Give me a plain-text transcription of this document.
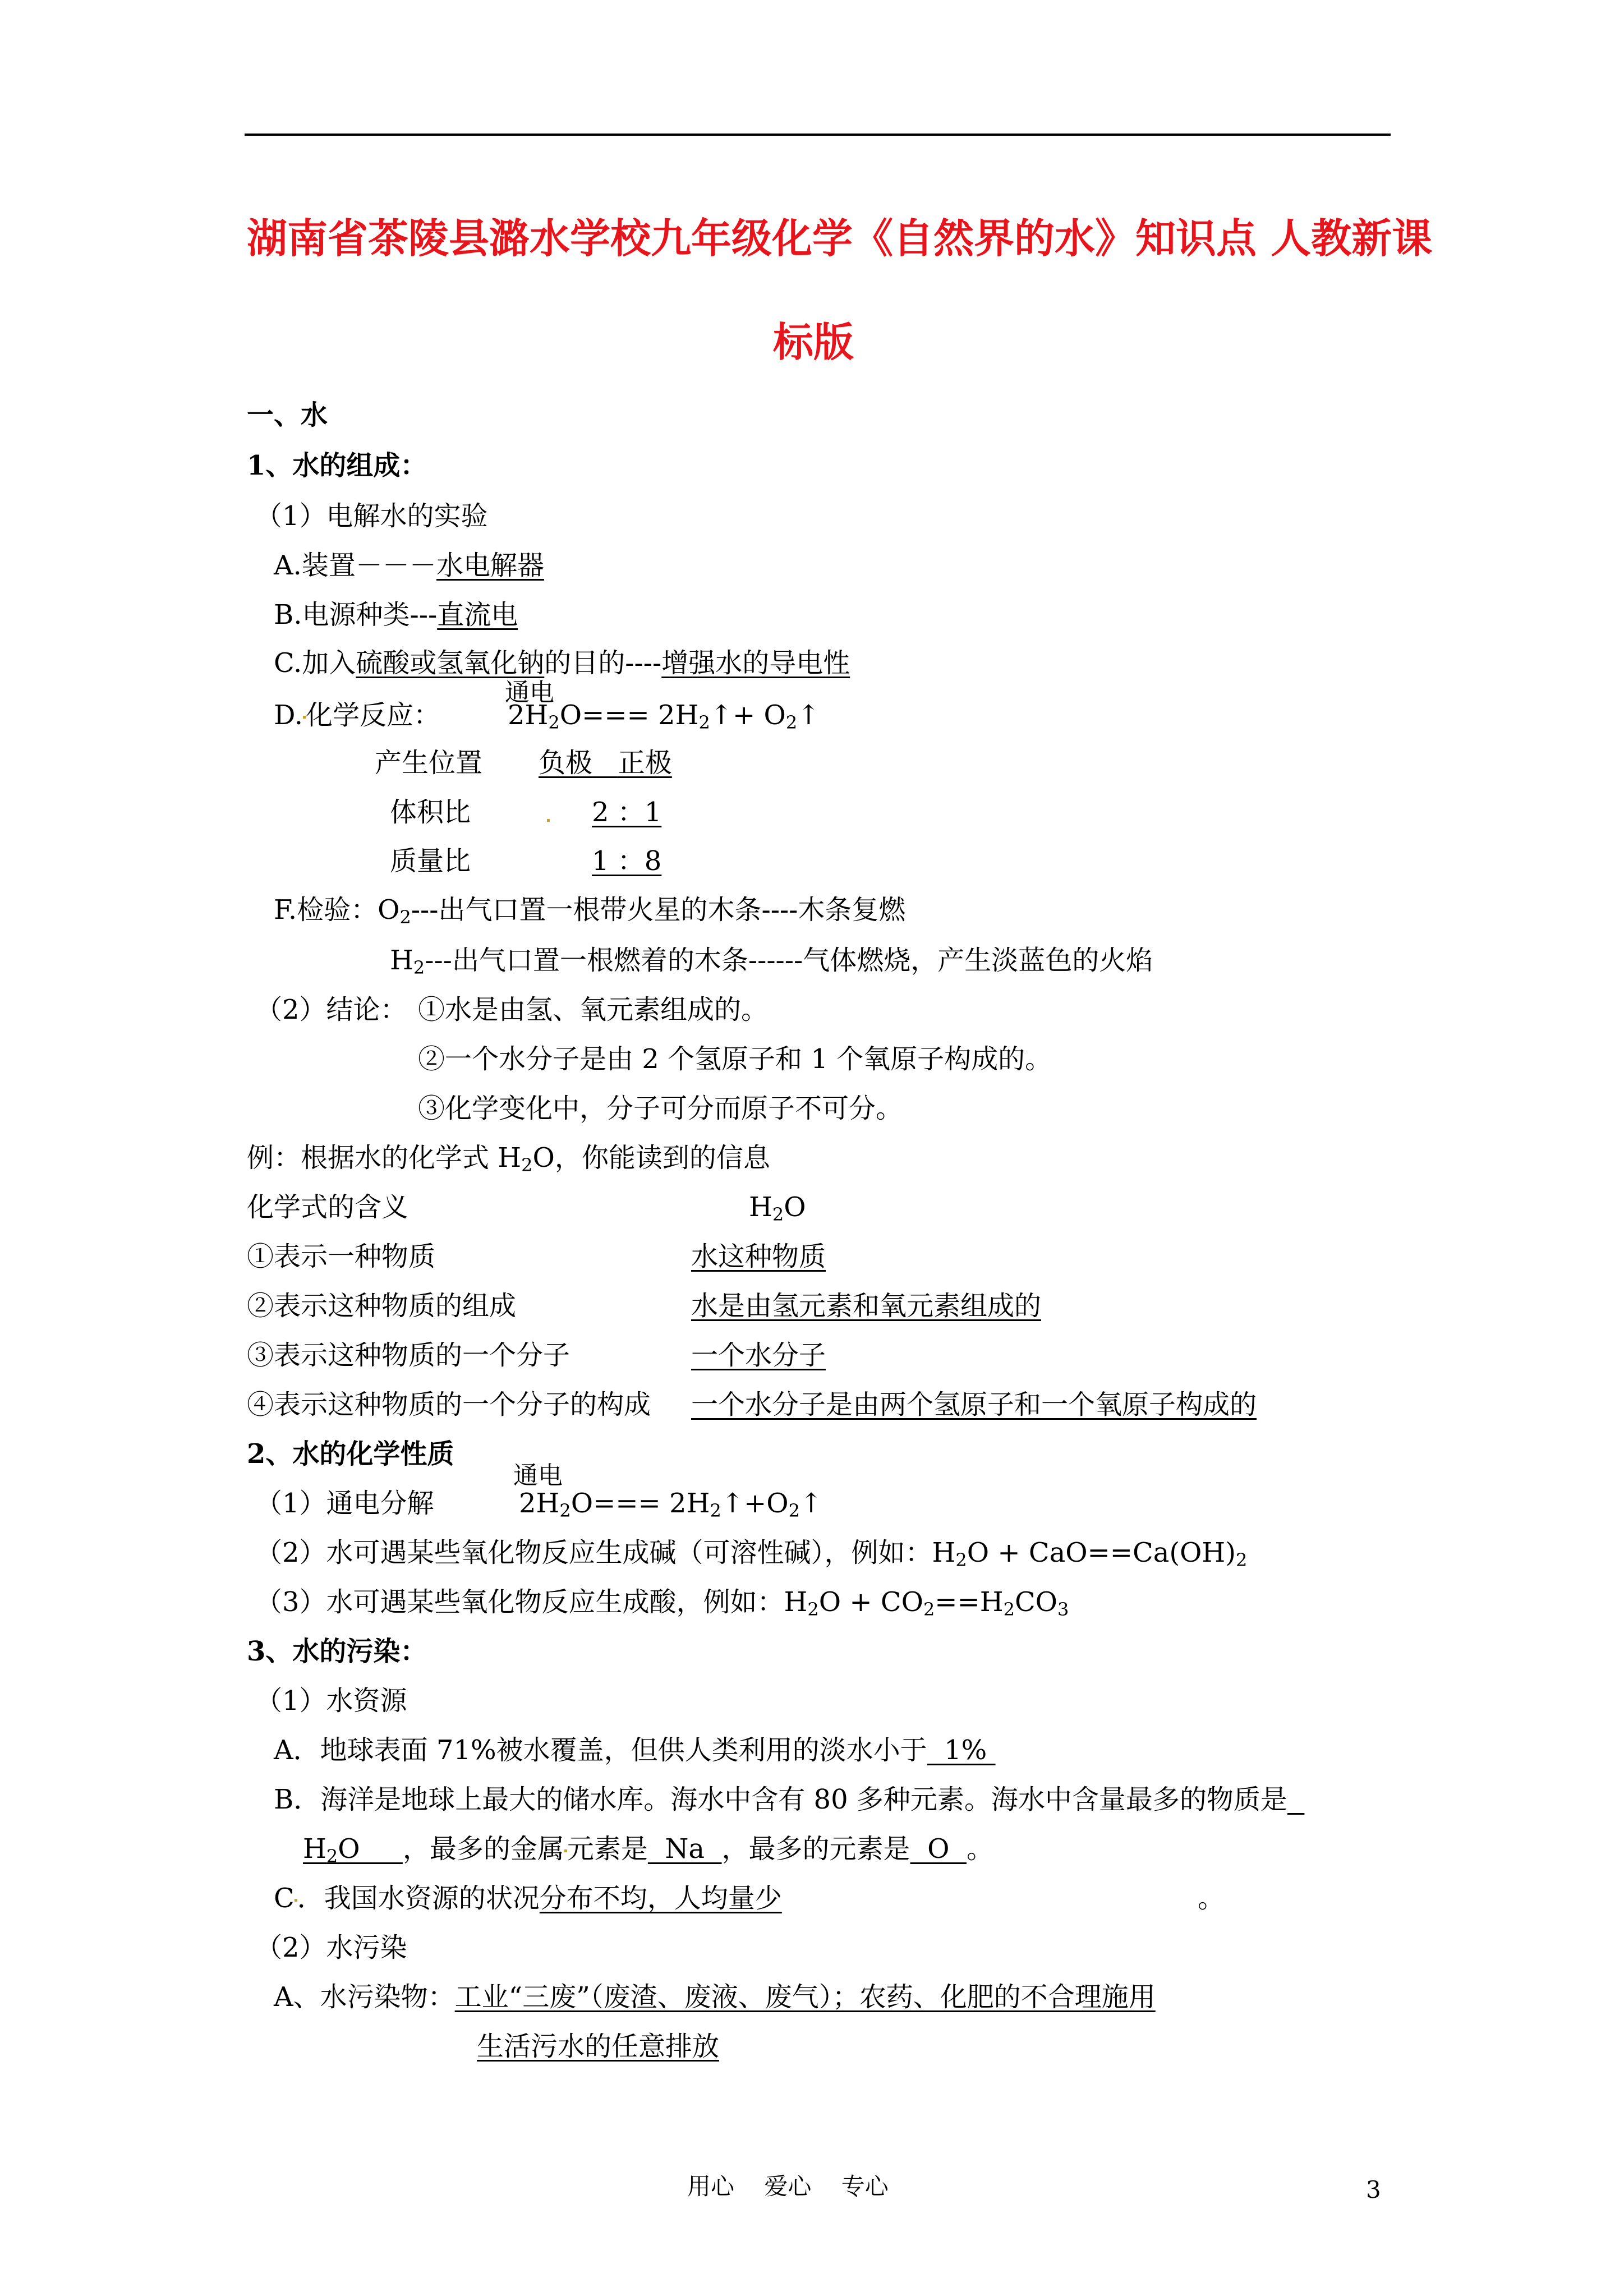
湖南省茶陵县潞水学校九年级化学《自然界的水》知识点 人教新课
标版
一、水
1、水的组成：
（1）电解水的实验
A.装置－－－水电解器
B.电源种类---直流电
C.加入硫酸或氢氧化钠的目的----增强水的导电性
通电
D. 化学反应： $2H_2O===$ $2H_2↑+$ $O_2↑$
产生位置 负极 正极
体积比	2 ：1
质量比	1 ：8
F.检验：$O_2---$出气口置一根带火星的木条----木条复燃
$H_2---$出气口置一根燃着的木条------气体燃烧，产生淡蓝色的火焰
（2）结论： ①水是由氢、氧元素组成的。
②一个水分子是由 2 个氢原子和 1 个氧原子构成的。
③化学变化中，分子可分而原子不可分。
例：根据水的化学式 $H_2O$，你能读到的信息
化学式的含义	$H_2O$
①表示一种物质	水这种物质
②表示这种物质的组成	水是由氢元素和氧元素组成的
③表示这种物质的一个分子	一个水分子
④表示这种物质的一个分子的构成 一个水分子是由两个氢原子和一个氧原子构成的
2、水的化学性质
通电
（1）通电分解	$2H_2O===$ $2H_2↑+O_2↑$
（2）水可遇某些氧化物反应生成碱（可溶性碱），例如：$H_2O + CaO==Ca(OH)_2$
（3）水可遇某些氧化物反应生成酸，例如：$H_2O + CO_2==H_2CO_3$
3、水的污染：
（1）水资源
A．地球表面 71%被水覆盖，但供人类利用的淡水小于  1%
B．海洋是地球上最大的储水库。海水中含有 80 多种元素。海水中含量最多的物质是
$H_2O$     ，最多的金属 元素是  Na  ，最多的元素是  O  。
C ．我国水资源的状况分布不均，人均量少	。
（2）水污染
A、水污染物：工业“三废”（废渣、废液、废气）；农药、化肥的不合理施用
生活污水的任意排放
用心    爱心    专心	3
